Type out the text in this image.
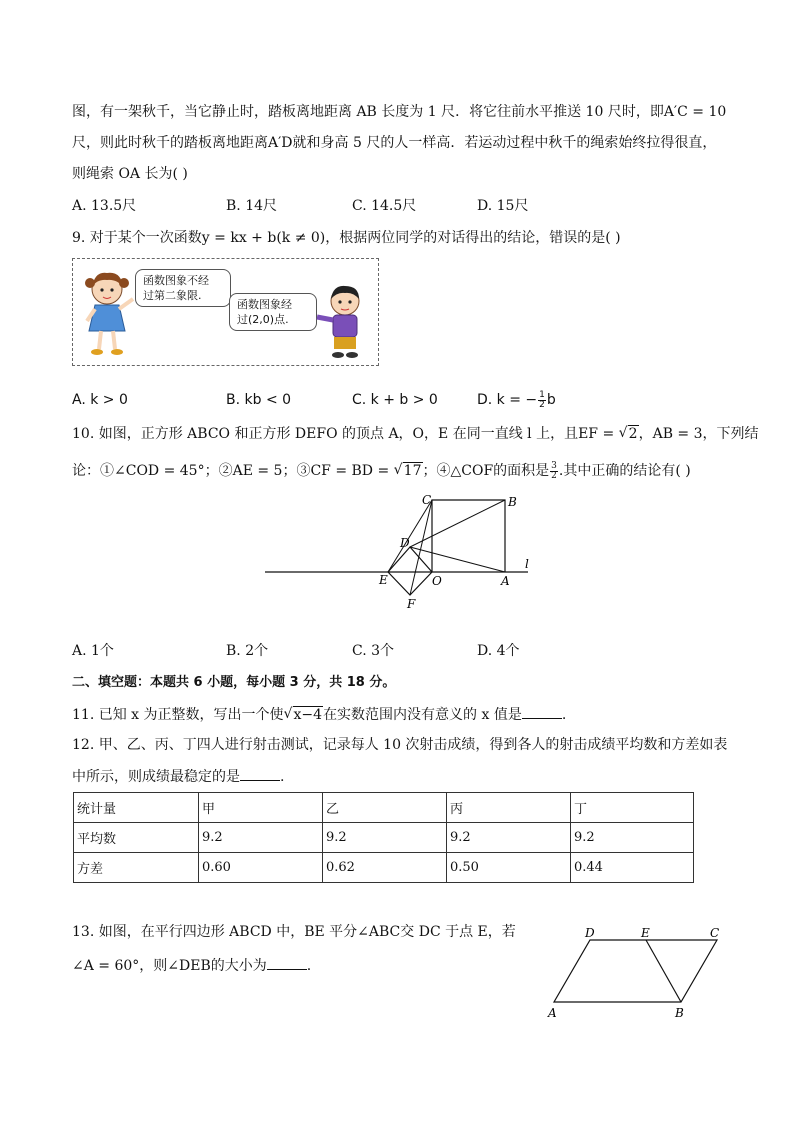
图，有一架秋千，当它静止时，踏板离地距离 AB 长度为 1 尺．将它往前水平推送 10 尺时，即A′C = 10
尺，则此时秋千的踏板离地距离A′D就和身高 5 尺的人一样高．若运动过程中秋千的绳索始终拉得很直，
则绳索 OA 长为( )
A. 13.5尺	B. 14尺	C. 14.5尺	D. 15尺
9. 对于某个一次函数y = kx + b(k ≠ 0)，根据两位同学的对话得出的结论，错误的是( )
函数图象不经
过第二象限.
函数图象经
过(2,0)点.
A. k > 0	B. kb < 0	C. k + b > 0	D. k = − $\frac{1}{2}$ b
10. 如图，正方形 ABCO 和正方形 DEFO 的顶点 A，O，E 在同一直线 l 上，且EF = √ 2，AB = 3，下列结
论：①∠COD = 45°；②AE = 5；③CF = BD = √ 17；④△COF的面积是 $\frac{3}{2}$ .其中正确的结论有( )
C	B
D
l
E	O	A
F
A. 1个	B. 2个	C. 3个	D. 4个
二、填空题：本题共 6 小题，每小题 3 分，共 18 分。
11. 已知 x 为正整数，写出一个使 √ x−4在实数范围内没有意义的 x 值是	.
12. 甲、乙、丙、丁四人进行射击测试，记录每人 10 次射击成绩，得到各人的射击成绩平均数和方差如表
中所示，则成绩最稳定的是	.
统计量	甲	乙	丙	丁
平均数	9.2	9.2	9.2	9.2
方差	0.60	0.62	0.50	0.44
13. 如图，在平行四边形 ABCD 中，BE 平分∠ABC交 DC 于点 E，若
∠A = 60°，则∠DEB的大小为	.
D	E	C
A	B
